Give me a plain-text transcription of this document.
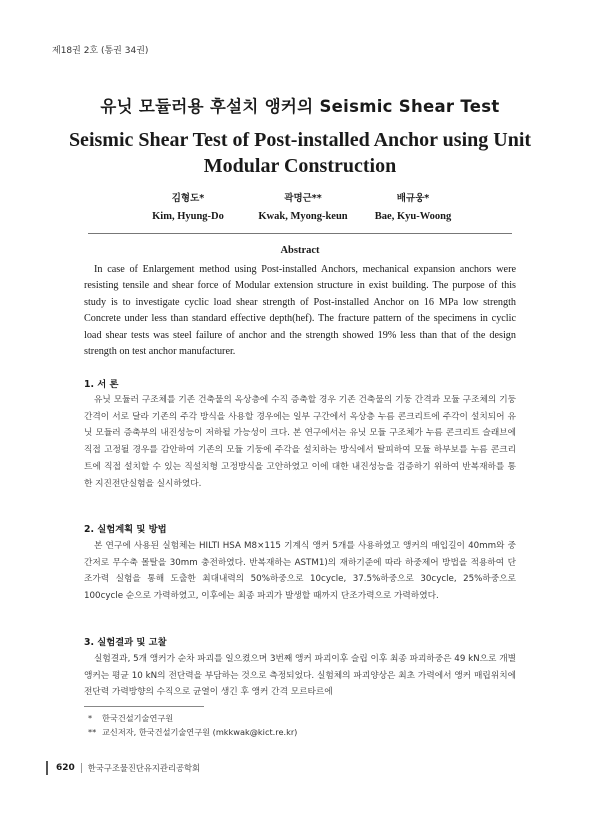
제18권 2호 (통권 34권)
유닛 모듈러용 후설치 앵커의 Seismic Shear Test
Seismic Shear Test of Post-installed Anchor using Unit Modular Construction
김형도*
Kim, Hyung-Do
곽명근**
Kwak, Myong-keun
배규웅*
Bae, Kyu-Woong
Abstract
In case of Enlargement method using Post-installed Anchors, mechanical expansion anchors were resisting tensile and shear force of Modular extension structure in exist building. The purpose of this study is to investigate cyclic load shear strength of Post-installed Anchor on 16 MPa low strength Concrete under less than standard effective depth(hef). The fracture pattern of the specimens in cyclic load shear tests was steel failure of anchor and the strength showed 19% less than that of the design strength on test anchor manufacturer.
1. 서 론
유닛 모듈러 구조체를 기존 건축물의 옥상층에 수직 증축할 경우 기존 건축물의 기둥 간격과 모듈 구조체의 기둥 간격이 서로 달라 기존의 주각 방식을 사용할 경우에는 일부 구간에서 옥상층 누름 콘크리트에 주각이 설치되어 유닛 모듈러 증축부의 내진성능이 저하될 가능성이 크다. 본 연구에서는 유닛 모듈 구조체가 누름 콘크리트 슬래브에 직접 고정될 경우를 감안하여 기존의 모듈 기둥에 주각을 설치하는 방식에서 탈피하여 모듈 하부보를 누름 콘크리트에 직접 설치할 수 있는 직설치형 고정방식을 고안하였고 이에 대한 내진성능을 검증하기 위하여 반복재하를 통한 지진전단실험을 실시하였다.
2. 실험계획 및 방법
본 연구에 사용된 실험체는 HILTI HSA M8×115 기계식 앵커 5개를 사용하였고 앵커의 매입길이 40mm와 중간저로 무수축 몰탈을 30mm 충전하였다. 반복재하는 ASTM1)의 재하기준에 따라 하중제어 방법을 적용하여 단조가력 실험을 통해 도출한 최대내력의 50%하중으로 10cycle, 37.5%하중으로 30cycle, 25%하중으로 100cycle 순으로 가력하였고, 이후에는 최종 파괴가 발생할 때까지 단조가력으로 가력하였다.
3. 실험결과 및 고찰
실험결과, 5개 앵커가 순차 파괴를 일으켰으며 3번째 앵커 파괴이후 슬립 이후 최종 파괴하중은 49 kN으로 개별 앵커는 평균 10 kN의 전단력을 부담하는 것으로 측정되었다. 실험체의 파괴양상은 최초 가력에서 앵커 매립위치에 전단력 가력방향의 수직으로 균열이 생긴 후 앵커 간격 모르타르에
* 한국건설기술연구원
** 교신저자, 한국건설기술연구원 (mkkwak@kict.re.kr)
620 한국구조물진단유지관리공학회
